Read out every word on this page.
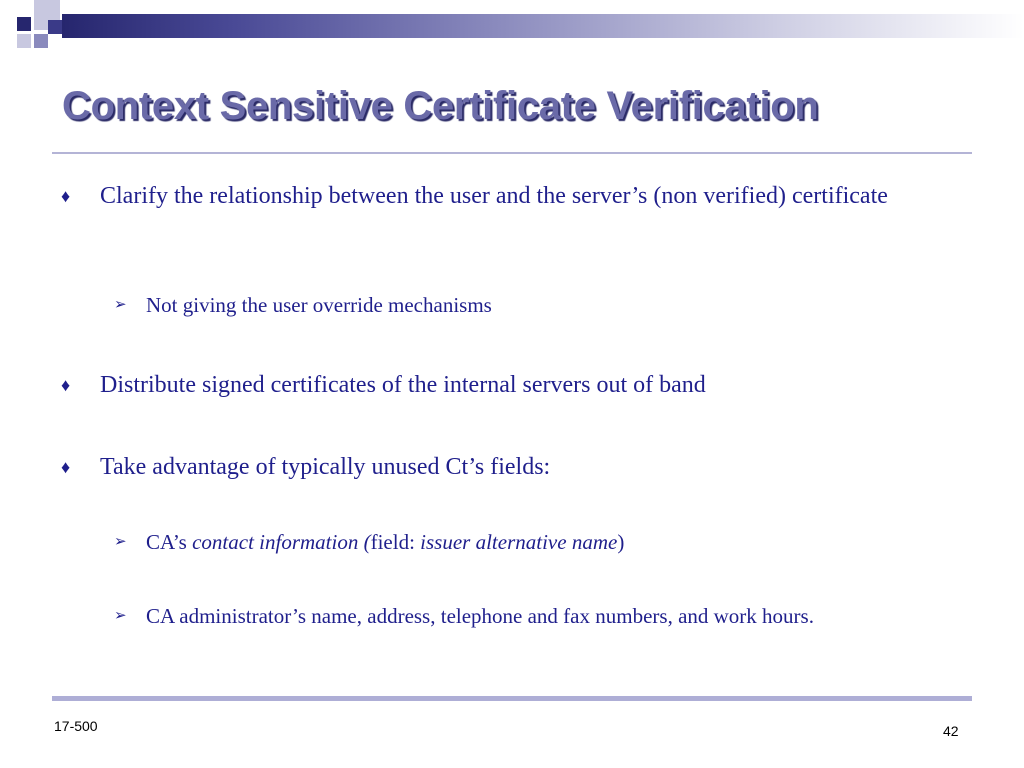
Context Sensitive Certificate Verification
♦ Clarify the relationship between the user and the server’s (non verified) certificate
➢ Not giving the user override mechanisms
♦ Distribute signed certificates of the internal servers out of band
♦ Take advantage of typically unused Ct’s fields:
➢ CA’s contact information (field: issuer alternative name)
➢ CA administrator’s name, address, telephone and fax numbers, and work hours.
17-500	42
